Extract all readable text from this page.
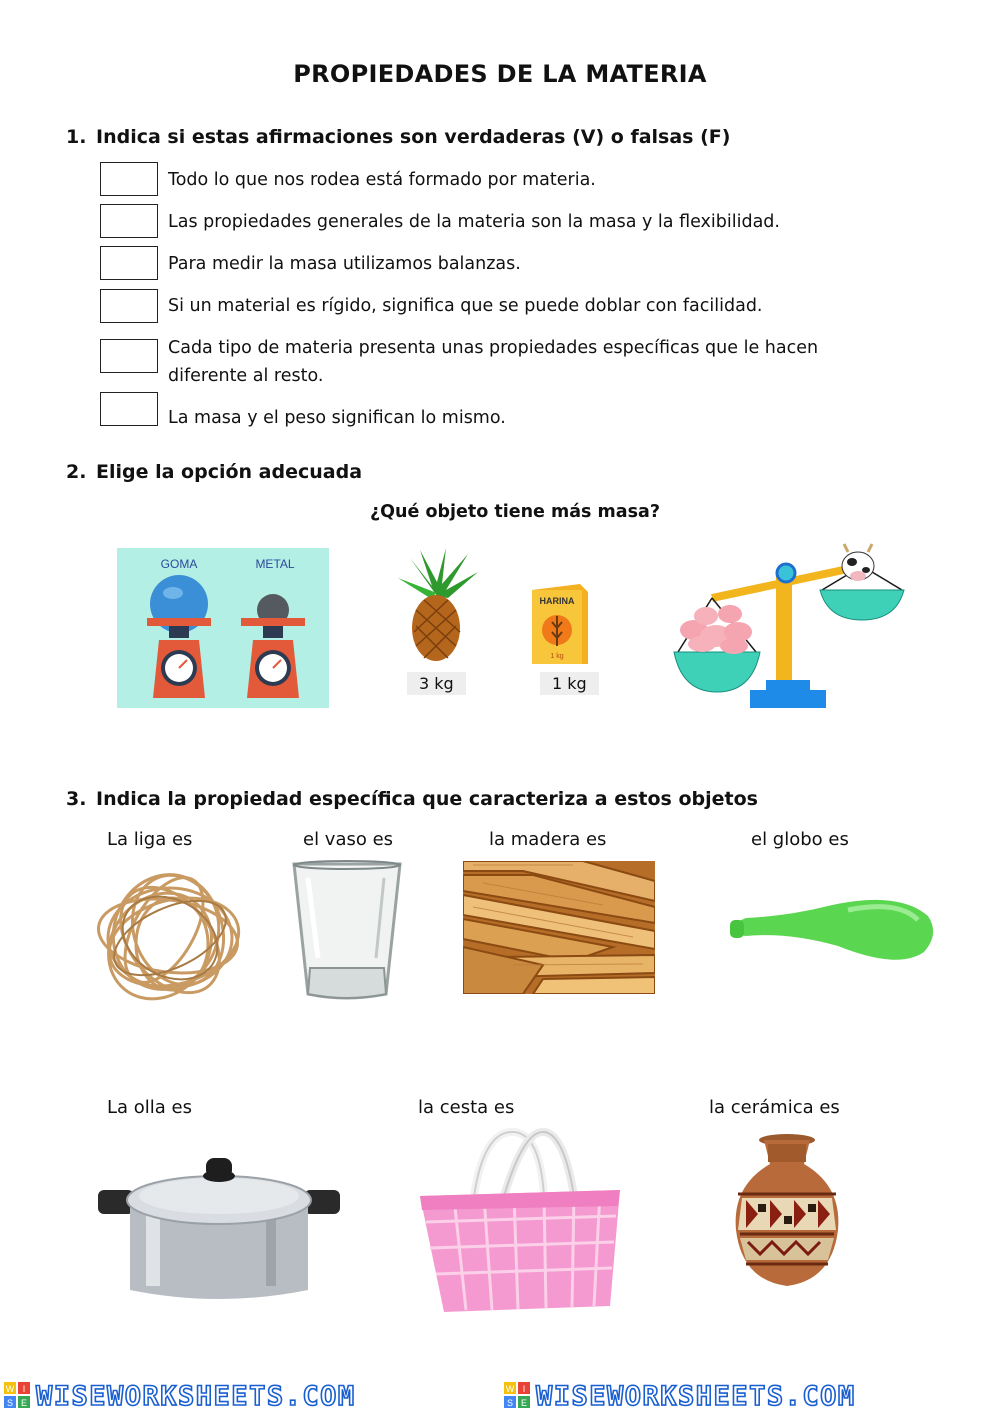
PROPIEDADES DE LA MATERIA
1. Indica si estas afirmaciones son verdaderas (V) o falsas (F)
Todo lo que nos rodea está formado por materia.
Las propiedades generales de la materia son la masa y la flexibilidad.
Para medir la masa utilizamos balanzas.
Si un material es rígido, significa que se puede doblar con facilidad.
Cada tipo de materia presenta unas propiedades específicas que le hacen diferente al resto.
La masa y el peso significan lo mismo.
2. Elige la opción adecuada
¿Qué objeto tiene más masa?
GOMA	METAL
3 kg
HARINA
1 kg
1 kg
3. Indica la propiedad específica que caracteriza a estos objetos
La liga es	el vaso es	la madera es	el globo es
La olla es	la cesta es	la cerámica es
W I
S E WISEWORKSHEETS.COM	W I
S E WISEWORKSHEETS.COM
